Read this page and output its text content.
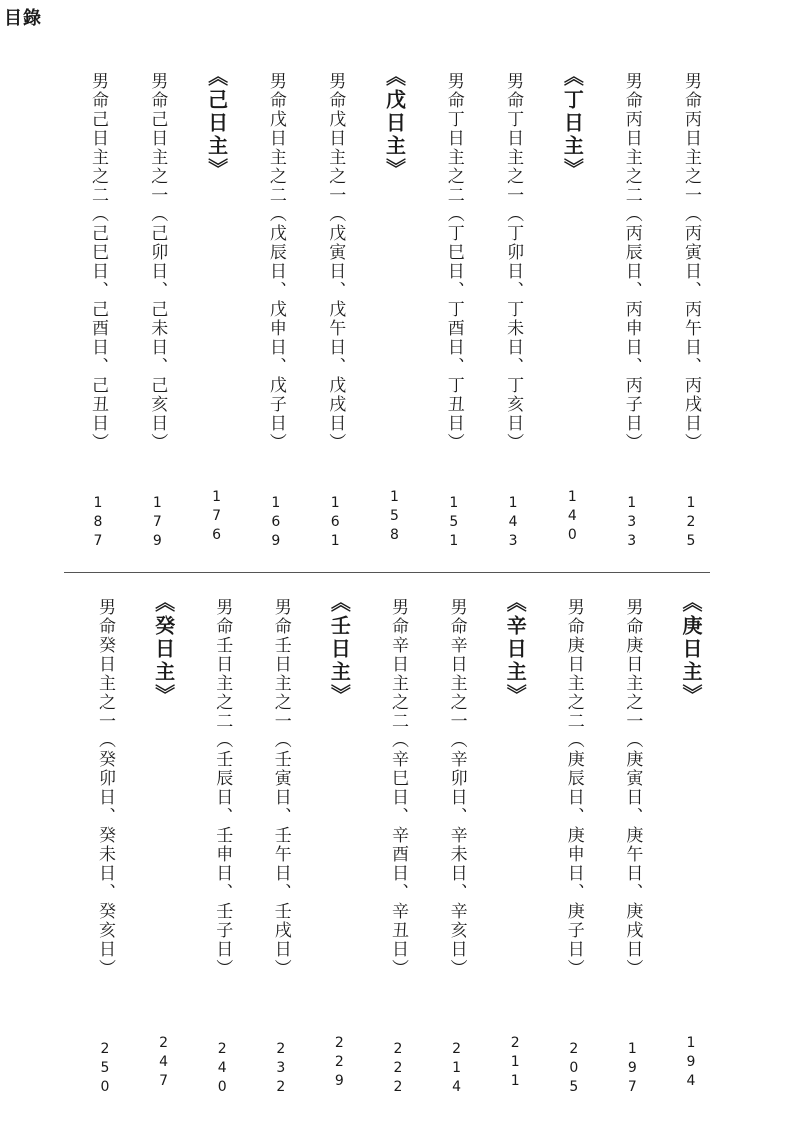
目錄
男命丙日主之一（丙寅日、丙午日、丙戌日）
125
男命丙日主之二（丙辰日、丙申日、丙子日）
133
《丁日主》
140
男命丁日主之一（丁卯日、丁未日、丁亥日）
143
男命丁日主之二（丁巳日、丁酉日、丁丑日）
151
《戊日主》
158
男命戊日主之一（戊寅日、戊午日、戊戌日）
161
男命戊日主之二（戊辰日、戊申日、戊子日）
169
《己日主》
176
男命己日主之一（己卯日、己未日、己亥日）
179
男命己日主之二（己巳日、己酉日、己丑日）
187
《庚日主》
194
男命庚日主之一（庚寅日、庚午日、庚戌日）
197
男命庚日主之二（庚辰日、庚申日、庚子日）
205
《辛日主》
211
男命辛日主之一（辛卯日、辛未日、辛亥日）
214
男命辛日主之二（辛巳日、辛酉日、辛丑日）
222
《壬日主》
229
男命壬日主之一（壬寅日、壬午日、壬戌日）
232
男命壬日主之二（壬辰日、壬申日、壬子日）
240
《癸日主》
247
男命癸日主之一（癸卯日、癸未日、癸亥日）
250
